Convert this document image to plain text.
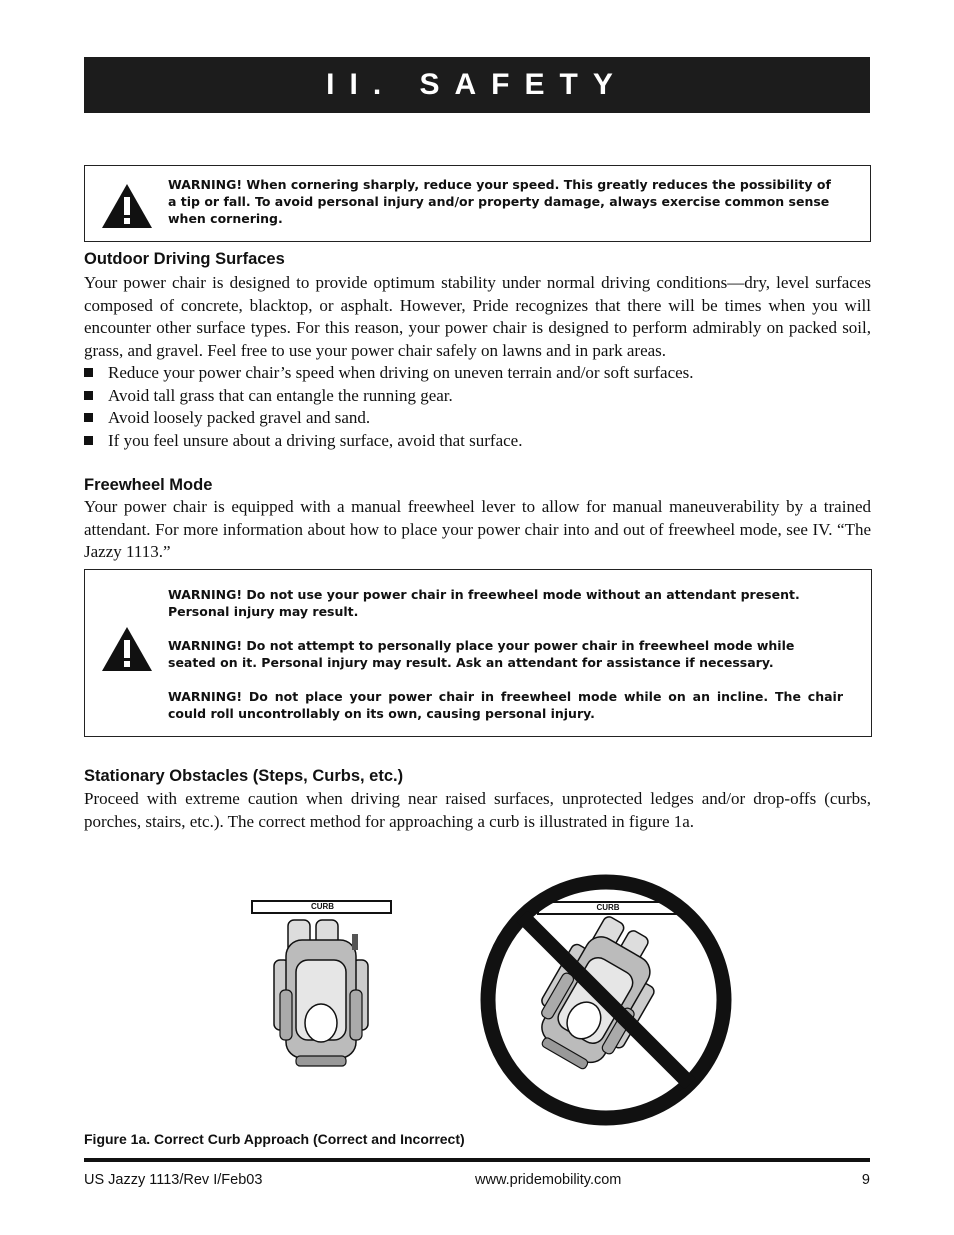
II. SAFETY
WARNING! When cornering sharply, reduce your speed. This greatly reduces the possibility of a tip or fall. To avoid personal injury and/or property damage, always exercise common sense when cornering.
Outdoor Driving Surfaces

Your power chair is designed to provide optimum stability under normal driving conditions—dry, level surfaces composed of concrete, blacktop, or asphalt. However, Pride recognizes that there will be times when you will encounter other surface types. For this reason, your power chair is designed to perform admirably on packed soil, grass, and gravel. Feel free to use your power chair safely on lawns and in park areas.

Reduce your power chair’s speed when driving on uneven terrain and/or soft surfaces.
Avoid tall grass that can entangle the running gear.
Avoid loosely packed gravel and sand.
If you feel unsure about a driving surface, avoid that surface.
Freewheel Mode
Your power chair is equipped with a manual freewheel lever to allow for manual maneuverability by a trained attendant. For more information about how to place your power chair into and out of freewheel mode, see IV. “The Jazzy 1113.”

WARNING! Do not use your power chair in freewheel mode without an attendant present. Personal injury may result.

WARNING! Do not attempt to personally place your power chair in freewheel mode while seated on it. Personal injury may result. Ask an attendant for assistance if necessary.

WARNING! Do not place your power chair in freewheel mode while on an incline. The chair could roll uncontrollably on its own, causing personal injury.

Stationary Obstacles (Steps, Curbs, etc.)
Proceed with extreme caution when driving near raised surfaces, unprotected ledges and/or drop-offs (curbs, porches, stairs, etc.). The correct method for approaching a curb is illustrated in figure 1a.
CURB	CURB
Figure 1a. Correct Curb Approach (Correct and Incorrect)
US Jazzy 1113/Rev I/Feb03	www.pridemobility.com	9
